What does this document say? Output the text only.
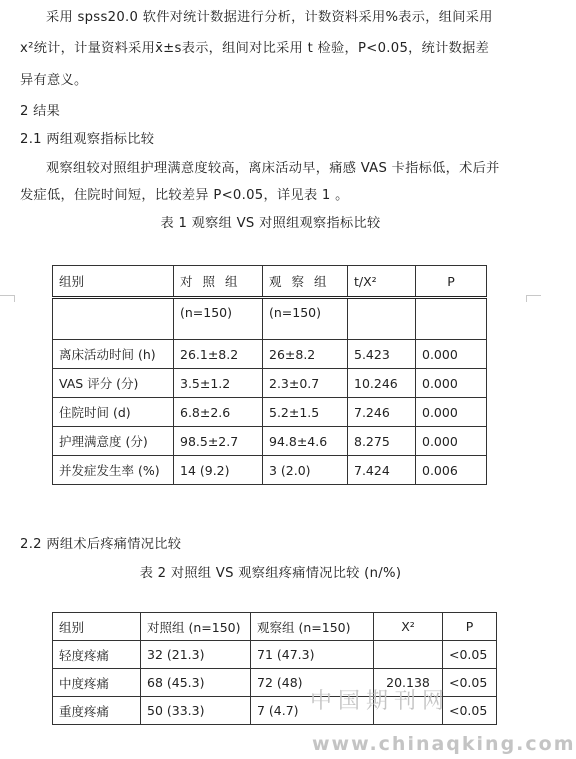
采用 spss20.0 软件对统计数据进行分析，计数资料采用%表示，组间采用
x²统计，计量资料采用x̄±s表示，组间对比采用 t 检验，P<0.05，统计数据差
异有意义。
2 结果
2.1 两组观察指标比较
观察组较对照组护理满意度较高，离床活动早，痛感 VAS 卡指标低，术后并
发症低，住院时间短，比较差异 P<0.05，详见表 1 。
表 1 观察组 VS 对照组观察指标比较
组别	对照组	观察组	t/X²	P
	(n=150)	(n=150)		
离床活动时间 (h)	26.1±8.2	26±8.2	5.423	0.000
VAS 评分 (分)	3.5±1.2	2.3±0.7	10.246	0.000
住院时间 (d)	6.8±2.6	5.2±1.5	7.246	0.000
护理满意度 (分)	98.5±2.7	94.8±4.6	8.275	0.000
并发症发生率 (%)	14 (9.2)	3 (2.0)	7.424	0.006
2.2 两组术后疼痛情况比较
表 2 对照组 VS 观察组疼痛情况比较 (n/%)
组别	对照组 (n=150)	观察组 (n=150)	X²	P
轻度疼痛	32 (21.3)	71 (47.3)		<0.05
中度疼痛	68 (45.3)	72 (48)	20.138	<0.05
重度疼痛	50 (33.3)	7 (4.7)		<0.05
中国期刊网
www.chinaqking.com
